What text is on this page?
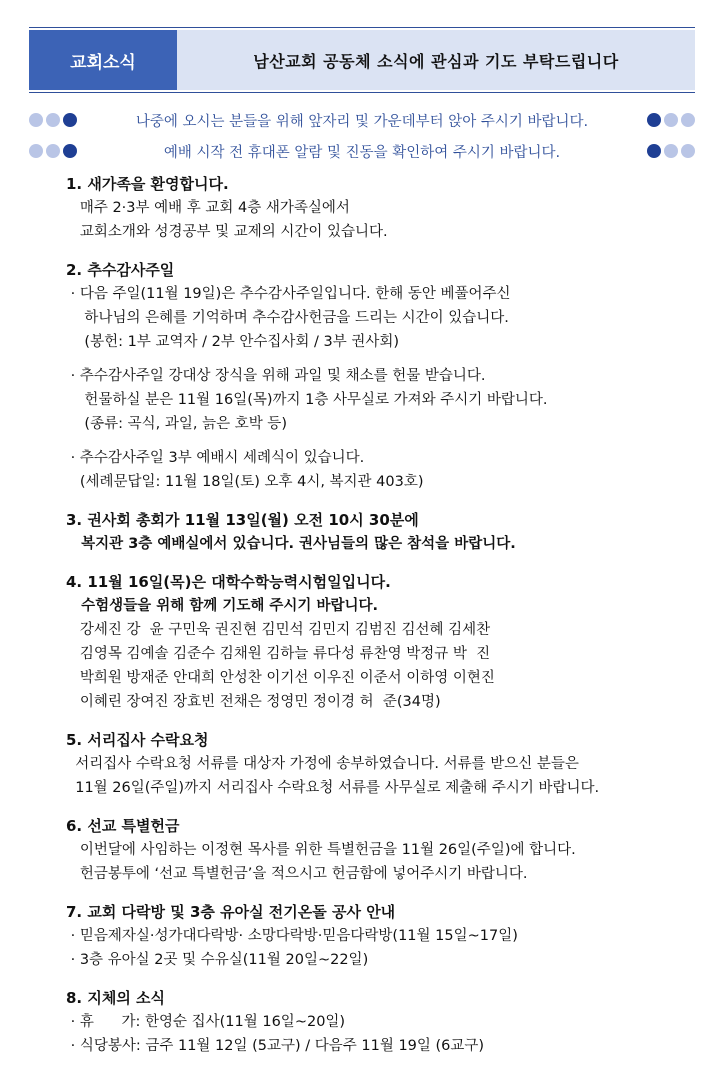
교회소식	남산교회 공동체 소식에 관심과 기도 부탁드립니다
나중에 오시는 분들을 위해 앞자리 및 가운데부터 앉아 주시기 바랍니다.
예배 시작 전 휴대폰 알람 및 진동을 확인하여 주시기 바랍니다.
1. 새가족을 환영합니다.
매주 2·3부 예배 후 교회 4층 새가족실에서
교회소개와 성경공부 및 교제의 시간이 있습니다.
2. 추수감사주일
· 다음 주일(11월 19일)은 추수감사주일입니다. 한해 동안 베풀어주신
하나님의 은혜를 기억하며 추수감사헌금을 드리는 시간이 있습니다.
(봉헌: 1부 교역자 / 2부 안수집사회 / 3부 권사회)
· 추수감사주일 강대상 장식을 위해 과일 및 채소를 헌물 받습니다.
헌물하실 분은 11월 16일(목)까지 1층 사무실로 가져와 주시기 바랍니다.
(종류: 곡식, 과일, 늙은 호박 등)
· 추수감사주일 3부 예배시 세례식이 있습니다.
(세례문답일: 11월 18일(토) 오후 4시, 복지관 403호)
3. 권사회 총회가 11월 13일(월) 오전 10시 30분에
복지관 3층 예배실에서 있습니다. 권사님들의 많은 참석을 바랍니다.
4. 11월 16일(목)은 대학수학능력시험일입니다.
수험생들을 위해 함께 기도해 주시기 바랍니다.
강세진 강  윤 구민욱 권진현 김민석 김민지 김범진 김선혜 김세찬
김영목 김예솔 김준수 김채원 김하늘 류다성 류찬영 박정규 박  진
박희원 방재준 안대희 안성찬 이기선 이우진 이준서 이하영 이현진
이혜린 장여진 장효빈 전채은 정영민 정이경 허  준(34명)
5. 서리집사 수락요청
서리집사 수락요청 서류를 대상자 가정에 송부하였습니다. 서류를 받으신 분들은
11월 26일(주일)까지 서리집사 수락요청 서류를 사무실로 제출해 주시기 바랍니다.
6. 선교 특별헌금
이번달에 사임하는 이정현 목사를 위한 특별헌금을 11월 26일(주일)에 합니다.
헌금봉투에 ‘선교 특별헌금’을 적으시고 헌금함에 넣어주시기 바랍니다.
7. 교회 다락방 및 3층 유아실 전기온돌 공사 안내
· 믿음제자실·성가대다락방· 소망다락방·믿음다락방(11월 15일~17일)
· 3층 유아실 2곳 및 수유실(11월 20일~22일)
8. 지체의 소식
· 휴      가: 한영순 집사(11월 16일~20일)
· 식당봉사: 금주 11월 12일 (5교구) / 다음주 11월 19일 (6교구)
